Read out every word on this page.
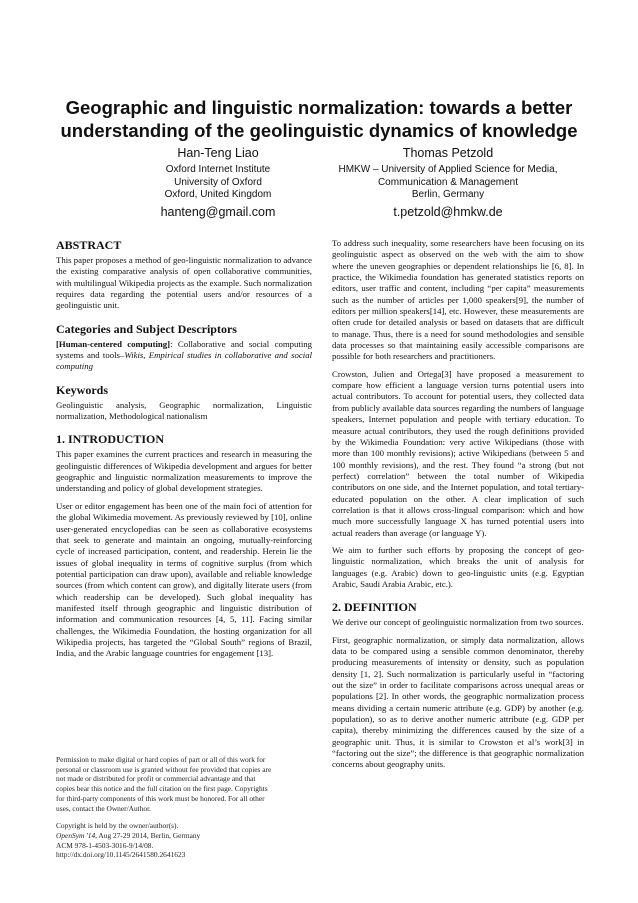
Geographic and linguistic normalization: towards a better understanding of the geolinguistic dynamics of knowledge
Han-Teng Liao
Oxford Internet Institute
University of Oxford
Oxford, United Kingdom
hanteng@gmail.com
Thomas Petzold
HMKW – University of Applied Science for Media,
Communication & Management
Berlin, Germany
t.petzold@hmkw.de
ABSTRACT

This paper proposes a method of geo-linguistic normalization to advance the existing comparative analysis of open collaborative communities, with multilingual Wikipedia projects as the example. Such normalization requires data regarding the potential users and/or resources of a geolinguistic unit.

Categories and Subject Descriptors

[Human-centered computing]: Collaborative and social computing systems and tools–Wikis, Empirical studies in collaborative and social computing

Keywords

Geolinguistic analysis, Geographic normalization, Linguistic normalization, Methodological nationalism

1. INTRODUCTION

This paper examines the current practices and research in measuring the geolinguistic differences of Wikipedia development and argues for better geographic and linguistic normalization measurements to improve the understanding and policy of global development strategies.

User or editor engagement has been one of the main foci of attention for the global Wikimedia movement. As previously reviewed by [10], online user-generated encyclopedias can be seen as collaborative ecosystems that seek to generate and maintain an ongoing, mutually-reinforcing cycle of increased participation, content, and readership. Herein lie the issues of global inequality in terms of cognitive surplus (from which potential participation can draw upon), available and reliable knowledge sources (from which content can grow), and digitally literate users (from which readership can be developed). Such global inequality has manifested itself through geographic and linguistic distribution of information and communication resources [4, 5, 11]. Facing similar challenges, the Wikimedia Foundation, the hosting organization for all Wikipedia projects, has targeted the “Global South” regions of Brazil, India, and the Arabic language countries for engagement [13].

Permission to make digital or hard copies of part or all of this work for
personal or classroom use is granted without fee provided that copies are
not made or distributed for profit or commercial advantage and that
copies bear this notice and the full citation on the first page. Copyrights
for third-party components of this work must be honored. For all other
uses, contact the Owner/Author.

Copyright is held by the owner/author(s).
OpenSym '14, Aug 27-29 2014, Berlin, Germany
ACM 978-1-4503-3016-9/14/08.
http://dx.doi.org/10.1145/2641580.2641623

To address such inequality, some researchers have been focusing on its geolinguistic aspect as observed on the web with the aim to show where the uneven geographies or dependent relationships lie [6, 8]. In practice, the Wikimedia foundation has generated statistics reports on editors, user traffic and content, including “per capita” measurements such as the number of articles per 1,000 speakers[9], the number of editors per million speakers[14], etc. However, these measurements are often crude for detailed analysis or based on datasets that are difficult to manage. Thus, there is a need for sound methodologies and sensible data processes so that maintaining easily accessible comparisons are possible for both researchers and practitioners.

Crowston, Julien and Ortega[3] have proposed a measurement to compare how efficient a language version turns potential users into actual contributors. To account for potential users, they collected data from publicly available data sources regarding the numbers of language speakers, Internet population and people with tertiary education. To measure actual contributors, they used the rough definitions provided by the Wikimedia Foundation: very active Wikipedians (those with more than 100 monthly revisions); active Wikipedians (between 5 and 100 monthly revisions), and the rest. They found “a strong (but not perfect) correlation” between the total number of Wikipedia contributors on one side, and the Internet population, and total tertiary-educated population on the other. A clear implication of such correlation is that it allows cross-lingual comparison: which and how much more successfully language X has turned potential users into actual readers than average (or language Y).

We aim to further such efforts by proposing the concept of geo-linguistic normalization, which breaks the unit of analysis for languages (e.g. Arabic) down to geo-linguistic units (e.g. Egyptian Arabic, Saudi Arabia Arabic, etc.).

2. DEFINITION

We derive our concept of geolinguistic normalization from two sources.

First, geographic normalization, or simply data normalization, allows data to be compared using a sensible common denominator, thereby producing measurements of intensity or density, such as population density [1, 2]. Such normalization is particularly useful in “factoring out the size” in order to facilitate comparisons across unequal areas or populations [2]. In other words, the geographic normalization process means dividing a certain numeric attribute (e.g. GDP) by another (e.g. population), so as to derive another numeric attribute (e.g. GDP per capita), thereby minimizing the differences caused by the size of a geographic unit. Thus, it is similar to Crowston et al’s work[3] in “factoring out the size”; the difference is that geographic normalization concerns about geography units.
